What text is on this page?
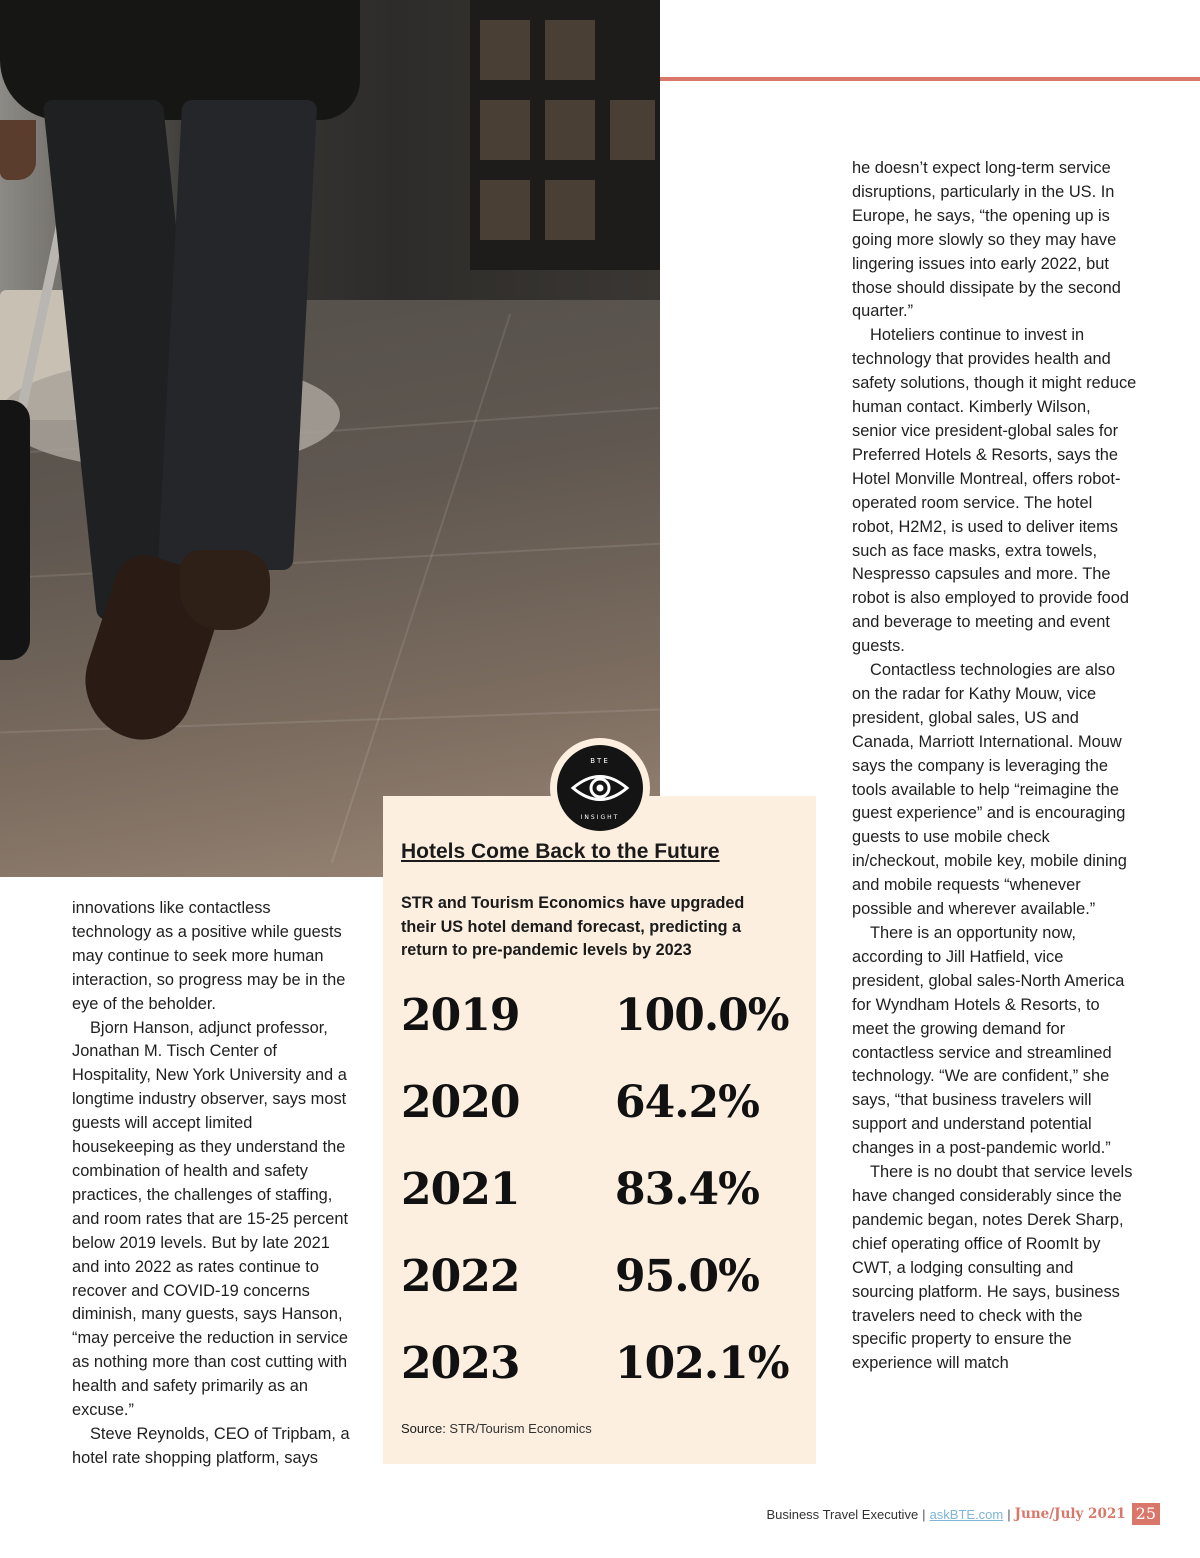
innovations like contactless technology as a positive while guests may continue to seek more human interaction, so progress may be in the eye of the beholder.

Bjorn Hanson, adjunct professor, Jonathan M. Tisch Center of Hospitality, New York University and a longtime industry observer, says most guests will accept limited housekeeping as they understand the combination of health and safety practices, the challenges of staffing, and room rates that are 15-25 percent below 2019 levels. But by late 2021 and into 2022 as rates continue to recover and COVID-19 concerns diminish, many guests, says Hanson, “may perceive the reduction in service as nothing more than cost cutting with health and safety primarily as an excuse.”

Steve Reynolds, CEO of Tripbam, a hotel rate shopping platform, says

BTE
INSIGHT
Hotels Come Back to the Future
STR and Tourism Economics have upgraded their US hotel demand forecast, predicting a return to pre-pandemic levels by 2023
2019 100.0%
2020 64.2%
2021 83.4%
2022 95.0%
2023 102.1%
Source: STR/Tourism Economics

he doesn’t expect long-term service disruptions, particularly in the US. In Europe, he says, “the opening up is going more slowly so they may have lingering issues into early 2022, but those should dissipate by the second quarter.”

Hoteliers continue to invest in technology that provides health and safety solutions, though it might reduce human contact. Kimberly Wilson, senior vice president-global sales for Preferred Hotels & Resorts, says the Hotel Monville Montreal, offers robot-operated room service. The hotel robot, H2M2, is used to deliver items such as face masks, extra towels, Nespresso capsules and more. The robot is also employed to provide food and beverage to meeting and event guests.

Contactless technologies are also on the radar for Kathy Mouw, vice president, global sales, US and Canada, Marriott International. Mouw says the company is leveraging the tools available to help “reimagine the guest experience” and is encouraging guests to use mobile check in/checkout, mobile key, mobile dining and mobile requests “whenever possible and wherever available.”

There is an opportunity now, according to Jill Hatfield, vice president, global sales-North America for Wyndham Hotels & Resorts, to meet the growing demand for contactless service and streamlined technology. “We are confident,” she says, “that business travelers will support and understand potential changes in a post-pandemic world.”

There is no doubt that service levels have changed considerably since the pandemic began, notes Derek Sharp, chief operating office of RoomIt by CWT, a lodging consulting and sourcing platform. He says, business travelers need to check with the specific property to ensure the experience will match

Business Travel Executive | askBTE.com | June/July 2021 25
